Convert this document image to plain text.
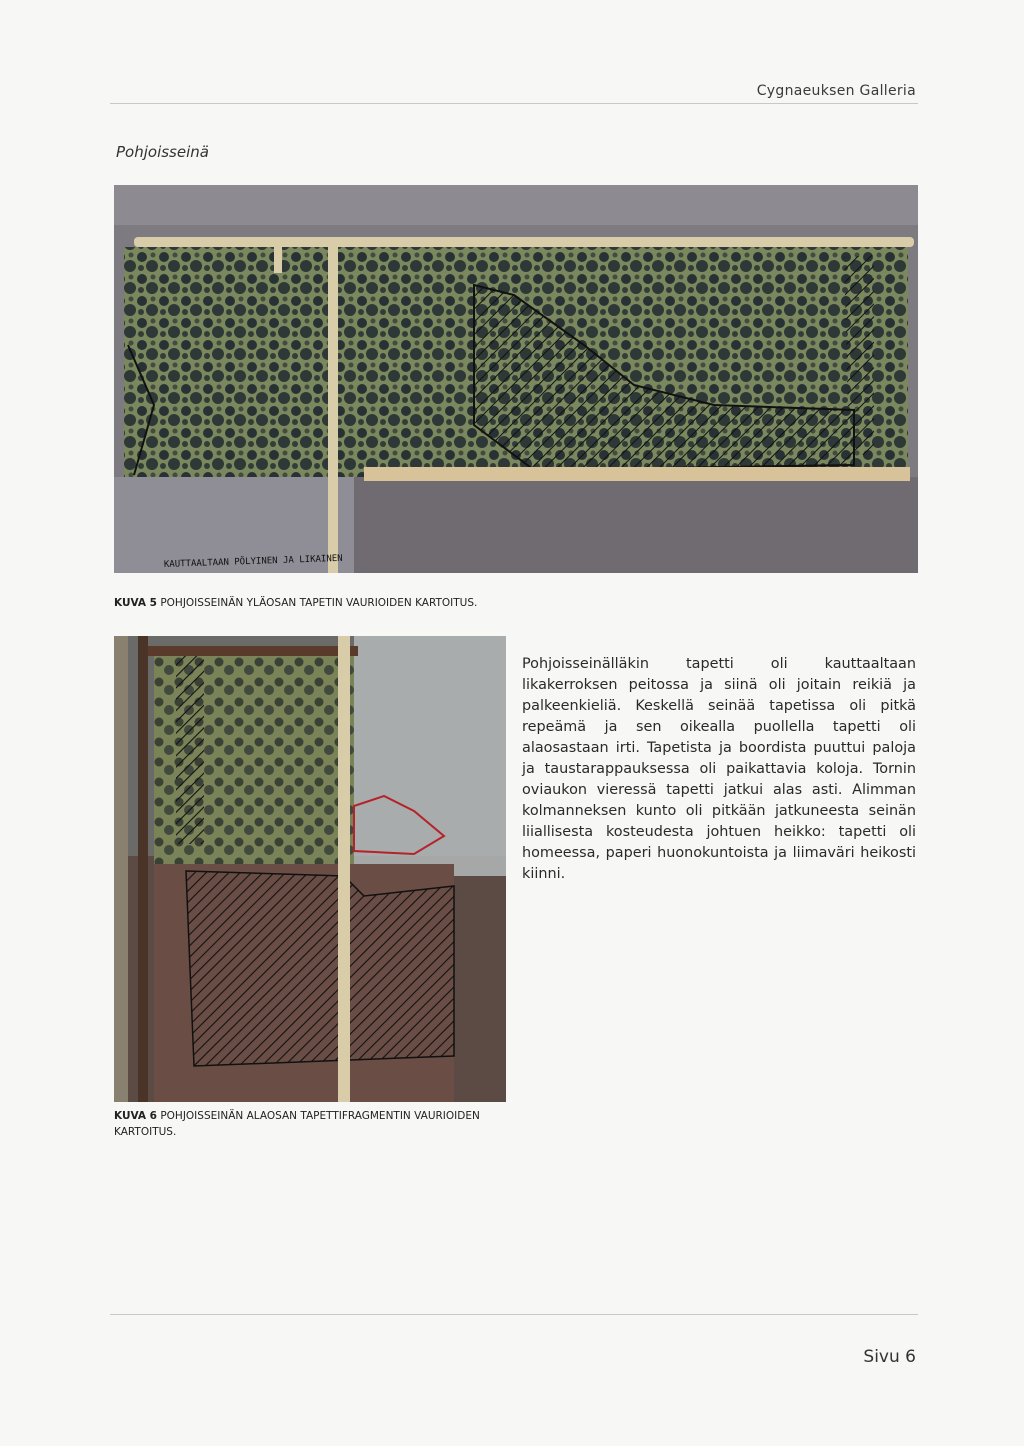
Cygnaeuksen Galleria
Pohjoisseinä
KAUTTAALTAAN PÖLYINEN JA LIKAINEN
KUVA 5 POHJOISSEINÄN YLÄOSAN TAPETIN VAURIOIDEN KARTOITUS.
Pohjoisseinälläkin tapetti oli kauttaaltaan likakerroksen peitossa ja siinä oli joitain reikiä ja palkeenkieliä. Keskellä seinää tapetissa oli pitkä repeämä ja sen oikealla puollella tapetti oli alaosastaan irti. Tapetista ja boordista puuttui paloja ja taustarappauksessa oli paikattavia koloja. Tornin oviaukon vieressä tapetti jatkui alas asti. Alimman kolmanneksen kunto oli pitkään jatkuneesta seinän liiallisesta kosteudesta johtuen heikko: tapetti oli homeessa, paperi huonokuntoista ja liimaväri heikosti kiinni.
KUVA 6 POHJOISSEINÄN ALAOSAN TAPETTIFRAGMENTIN VAURIOIDEN KARTOITUS.
Sivu 6
